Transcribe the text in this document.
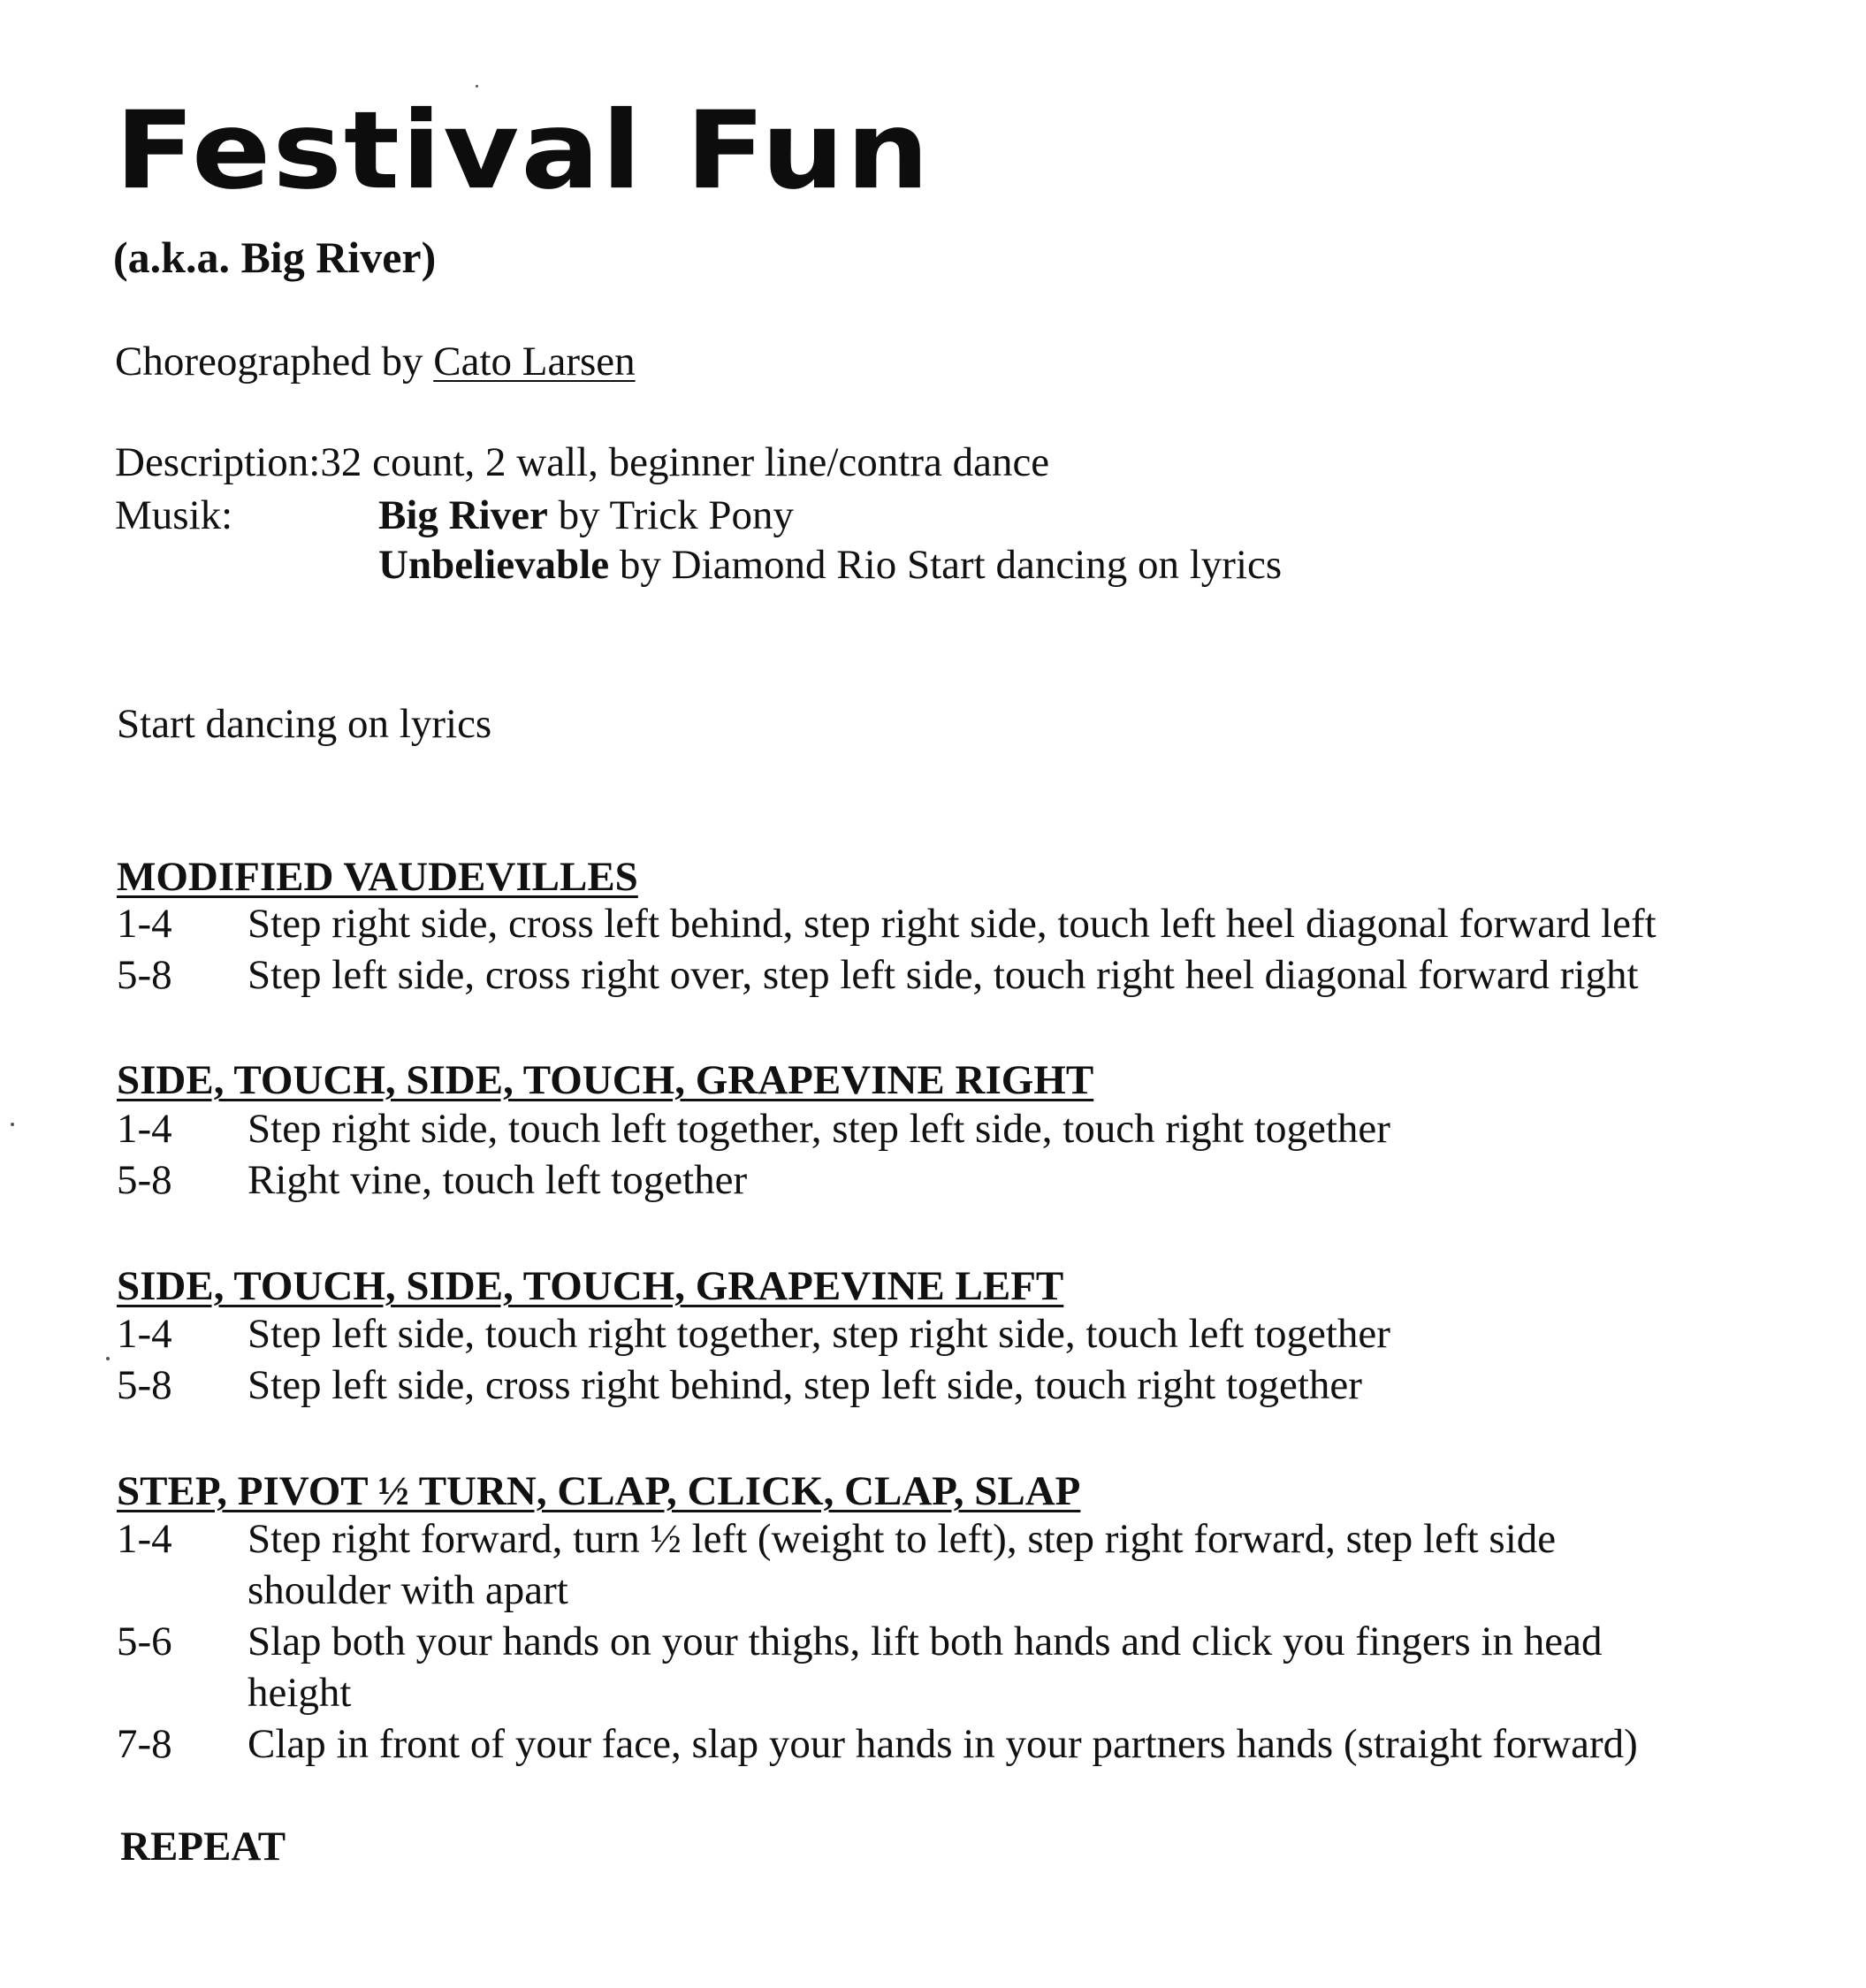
Festival Fun
(a.k.a. Big River)
Choreographed by Cato Larsen
Description:32 count, 2 wall, beginner line/contra dance
Musik:	Big River by Trick Pony
Unbelievable by Diamond Rio Start dancing on lyrics
Start dancing on lyrics
MODIFIED VAUDEVILLES
1-4 Step right side, cross left behind, step right side, touch left heel diagonal forward left
5-8 Step left side, cross right over, step left side, touch right heel diagonal forward right
SIDE, TOUCH, SIDE, TOUCH, GRAPEVINE RIGHT
1-4 Step right side, touch left together, step left side, touch right together
5-8 Right vine, touch left together
SIDE, TOUCH, SIDE, TOUCH, GRAPEVINE LEFT
1-4 Step left side, touch right together, step right side, touch left together
5-8 Step left side, cross right behind, step left side, touch right together
STEP, PIVOT ½ TURN, CLAP, CLICK, CLAP, SLAP
1-4 Step right forward, turn ½ left (weight to left), step right forward, step left side
shoulder with apart
5-6 Slap both your hands on your thighs, lift both hands and click you fingers in head
height
7-8 Clap in front of your face, slap your hands in your partners hands (straight forward)
REPEAT
